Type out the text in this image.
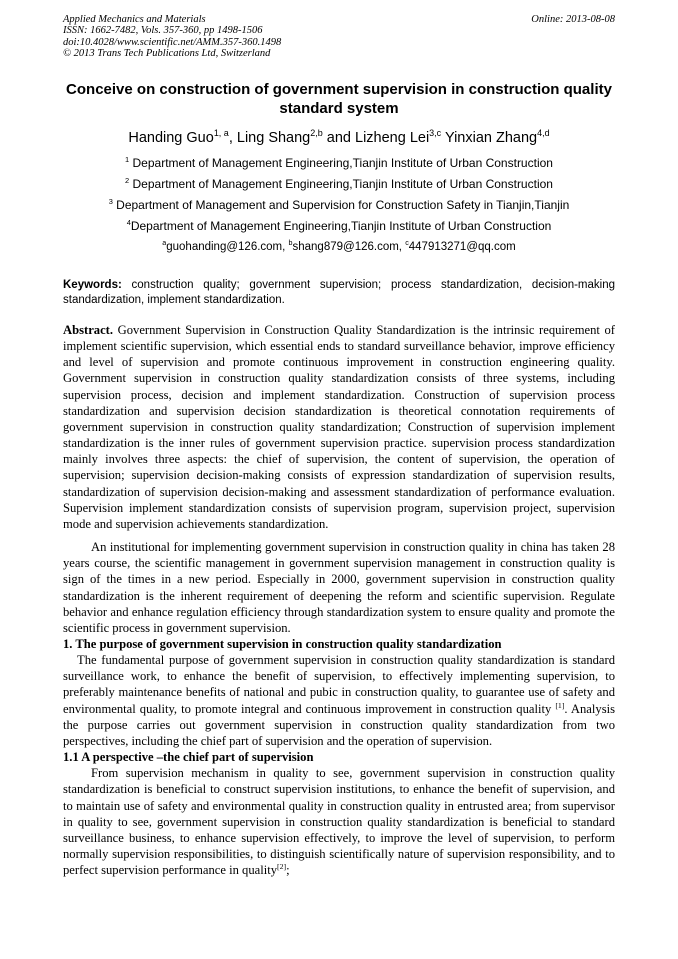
Applied Mechanics and Materials
ISSN: 1662-7482, Vols. 357-360, pp 1498-1506
doi:10.4028/www.scientific.net/AMM.357-360.1498
© 2013 Trans Tech Publications Ltd, Switzerland
Online: 2013-08-08
Conceive on construction of government supervision in construction quality standard system
Handing Guo$^{1, a}$, Ling Shang$^{2,b}$ and Lizheng Lei$^{3,c}$ Yinxian Zhang$^{4,d}$
$^1$ Department of Management Engineering,Tianjin Institute of Urban Construction
$^2$ Department of Management Engineering,Tianjin Institute of Urban Construction
$^3$ Department of Management and Supervision for Construction Safety in Tianjin,Tianjin
$^4$Department of Management Engineering,Tianjin Institute of Urban Construction
$^a$guohanding@126.com, $^b$shang879@126.com, $^c$447913271@qq.com
Keywords: construction quality; government supervision; process standardization, decision-making standardization, implement standardization.

Abstract. Government Supervision in Construction Quality Standardization is the intrinsic requirement of implement scientific supervision, which essential ends to standard surveillance behavior, improve efficiency and level of supervision and promote continuous improvement in construction engineering quality. Government supervision in construction quality standardization consists of three systems, including supervision process, decision and implement standardization. Construction of supervision process standardization and supervision decision standardization is theoretical connotation requirements of government supervision in construction quality standardization; Construction of supervision implement standardization is the inner rules of government supervision practice. supervision process standardization mainly involves three aspects: the chief of supervision, the content of supervision, the operation of supervision; supervision decision-making consists of expression standardization of supervision results, standardization of supervision decision-making and assessment standardization of performance evaluation. Supervision implement standardization consists of supervision program, supervision project, supervision mode and supervision achievements standardization.

An institutional for implementing government supervision in construction quality in china has taken 28 years course, the scientific management in government supervision management in construction quality is sign of the times in a new period. Especially in 2000, government supervision in construction quality standardization is the inherent requirement of deepening the reform and scientific supervision. Regulate behavior and enhance regulation efficiency through standardization system to ensure quality and promote the scientific process in government supervision.

1. The purpose of government supervision in construction quality standardization

The fundamental purpose of government supervision in construction quality standardization is standard surveillance work, to enhance the benefit of supervision, to effectively implementing supervision, to preferably maintenance benefits of national and pubic in construction quality, to guarantee use of safety and environmental quality, to promote integral and continuous improvement in construction quality [1]. Analysis the purpose carries out government supervision in construction quality standardization from two perspectives, including the chief part of supervision and the operation of supervision.

1.1 A perspective –the chief part of supervision

From supervision mechanism in quality to see, government supervision in construction quality standardization is beneficial to construct supervision institutions, to enhance the benefit of supervision, and to maintain use of safety and environmental quality in construction quality in entrusted area; from supervisor in quality to see, government supervision in construction quality standardization is beneficial to standard surveillance business, to enhance supervision effectively, to improve the level of supervision, to perform normally supervision responsibilities, to distinguish scientifically nature of supervision responsibility, and to perfect supervision performance in quality[2];
